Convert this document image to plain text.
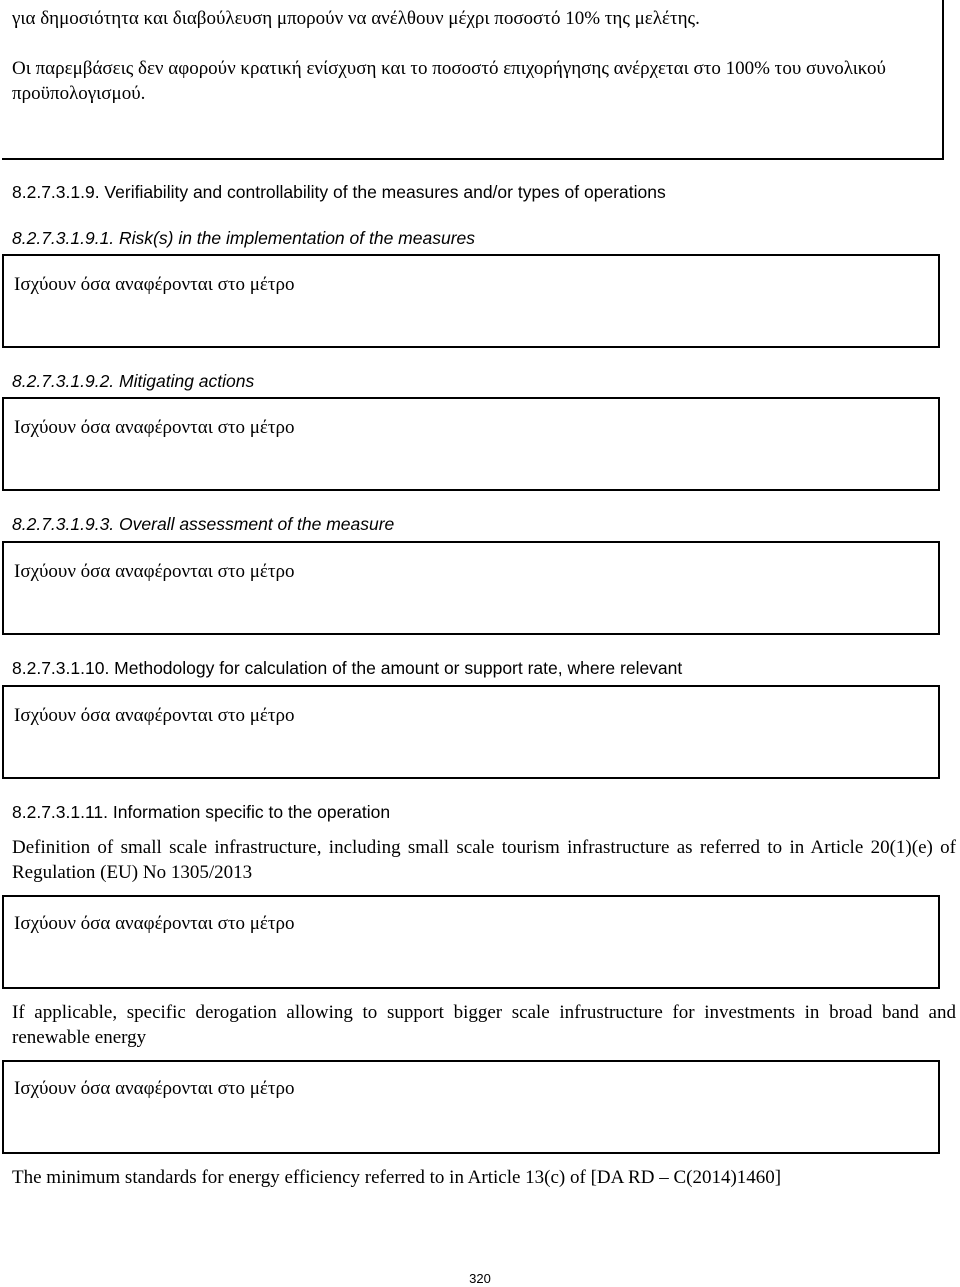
για δημοσιότητα και διαβούλευση μπορούν να ανέλθουν μέχρι ποσοστό 10% της μελέτης.
Οι παρεμβάσεις δεν αφορούν κρατική ενίσχυση και το ποσοστό επιχορήγησης ανέρχεται στο 100% του συνολικού προϋπολογισμού.
8.2.7.3.1.9. Verifiability and controllability of the measures and/or types of operations
8.2.7.3.1.9.1. Risk(s) in the implementation of the measures
Ισχύουν όσα αναφέρονται στο μέτρο
8.2.7.3.1.9.2. Mitigating actions
Ισχύουν όσα αναφέρονται στο μέτρο
8.2.7.3.1.9.3. Overall assessment of the measure
Ισχύουν όσα αναφέρονται στο μέτρο
8.2.7.3.1.10. Methodology for calculation of the amount or support rate, where relevant
Ισχύουν όσα αναφέρονται στο μέτρο
8.2.7.3.1.11. Information specific to the operation
Definition of small scale infrastructure, including small scale tourism infrastructure as referred to in Article 20(1)(e) of Regulation (EU) No 1305/2013
Ισχύουν όσα αναφέρονται στο μέτρο
If applicable, specific derogation allowing to support bigger scale infrustructure for investments in broad band and renewable energy
Ισχύουν όσα αναφέρονται στο μέτρο
The minimum standards for energy efficiency referred to in Article 13(c) of [DA RD – C(2014)1460]
320
